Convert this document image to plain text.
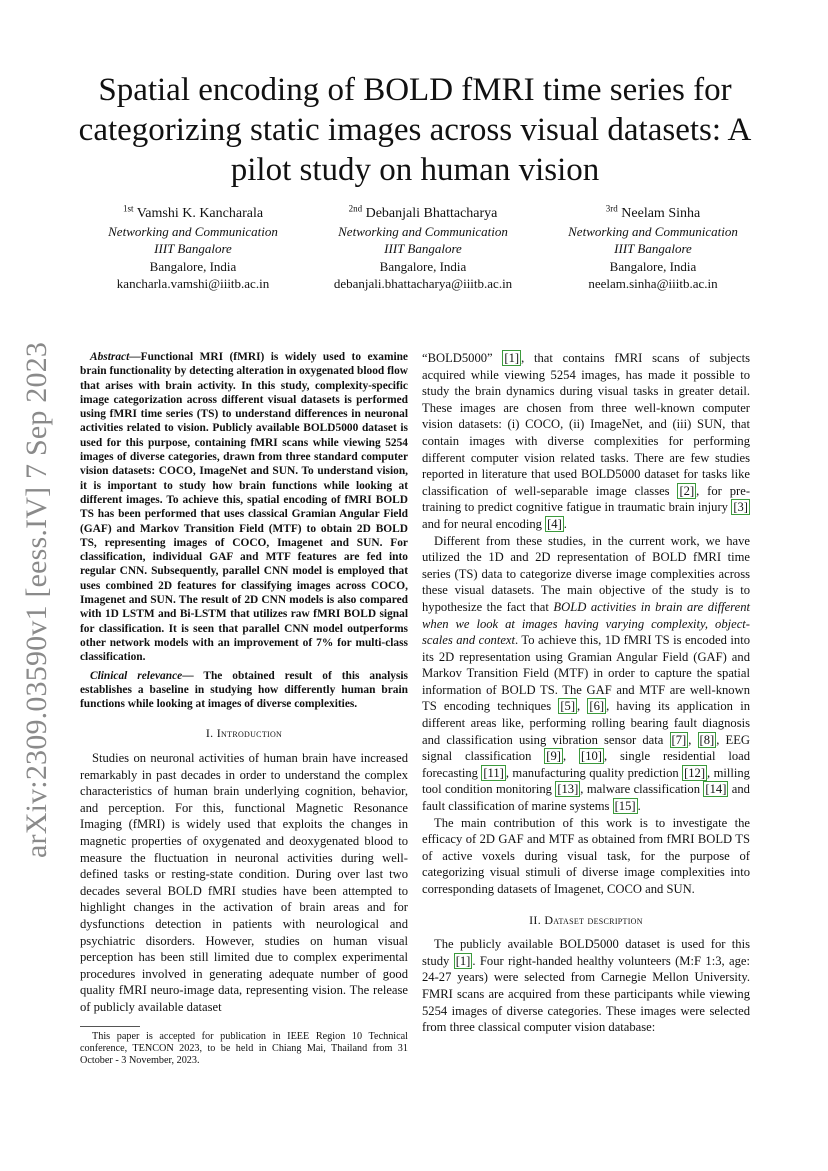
arXiv:2309.03590v1 [eess.IV] 7 Sep 2023
Spatial encoding of BOLD fMRI time series for categorizing static images across visual datasets: A pilot study on human vision
$^{1st}$ Vamshi K. Kancharala
Networking and Communication
IIIT Bangalore
Bangalore, India
kancharla.vamshi@iiitb.ac.in
$^{2nd}$ Debanjali Bhattacharya
Networking and Communication
IIIT Bangalore
Bangalore, India
debanjali.bhattacharya@iiitb.ac.in
$^{3rd}$ Neelam Sinha
Networking and Communication
IIIT Bangalore
Bangalore, India
neelam.sinha@iiitb.ac.in

Abstract—Functional MRI (fMRI) is widely used to examine brain functionality by detecting alteration in oxygenated blood flow that arises with brain activity. In this study, complexity-specific image categorization across different visual datasets is performed using fMRI time series (TS) to understand differences in neuronal activities related to vision. Publicly available BOLD5000 dataset is used for this purpose, containing fMRI scans while viewing 5254 images of diverse categories, drawn from three standard computer vision datasets: COCO, ImageNet and SUN. To understand vision, it is important to study how brain functions while looking at different images. To achieve this, spatial encoding of fMRI BOLD TS has been performed that uses classical Gramian Angular Field (GAF) and Markov Transition Field (MTF) to obtain 2D BOLD TS, representing images of COCO, Imagenet and SUN. For classification, individual GAF and MTF features are fed into regular CNN. Subsequently, parallel CNN model is employed that uses combined 2D features for classifying images across COCO, Imagenet and SUN. The result of 2D CNN models is also compared with 1D LSTM and Bi-LSTM that utilizes raw fMRI BOLD signal for classification. It is seen that parallel CNN model outperforms other network models with an improvement of 7% for multi-class classification.

Clinical relevance— The obtained result of this analysis establishes a baseline in studying how differently human brain functions while looking at images of diverse complexities.

I. Introduction

Studies on neuronal activities of human brain have increased remarkably in past decades in order to understand the complex characteristics of human brain underlying cognition, behavior, and perception. For this, functional Magnetic Resonance Imaging (fMRI) is widely used that exploits the changes in magnetic properties of oxygenated and deoxygenated blood to measure the fluctuation in neuronal activities during well-defined tasks or resting-state condition. During over last two decades several BOLD fMRI studies have been attempted to highlight changes in the activation of brain areas and for dysfunctions detection in patients with neurological and psychiatric disorders. However, studies on human visual perception has been still limited due to complex experimental procedures involved in generating adequate number of good quality fMRI neuro-image data, representing vision. The release of publicly available dataset

This paper is accepted for publication in IEEE Region 10 Technical conference, TENCON 2023, to be held in Chiang Mai, Thailand from 31 October - 3 November, 2023.

“BOLD5000” [1] , that contains fMRI scans of subjects acquired while viewing 5254 images, has made it possible to study the brain dynamics during visual tasks in greater detail. These images are chosen from three well-known computer vision datasets: (i) COCO, (ii) ImageNet, and (iii) SUN, that contain images with diverse complexities for performing different computer vision related tasks. There are few studies reported in literature that used BOLD5000 dataset for tasks like classification of well-separable image classes [2] , for pre-training to predict cognitive fatigue in traumatic brain injury [3] and for neural encoding [4] .

Different from these studies, in the current work, we have utilized the 1D and 2D representation of BOLD fMRI time series (TS) data to categorize diverse image complexities across these visual datasets. The main objective of the study is to hypothesize the fact that BOLD activities in brain are different when we look at images having varying complexity, object-scales and context. To achieve this, 1D fMRI TS is encoded into its 2D representation using Gramian Angular Field (GAF) and Markov Transition Field (MTF) in order to capture the spatial information of BOLD TS. The GAF and MTF are well-known TS encoding techniques [5] , [6] , having its application in different areas like, performing rolling bearing fault diagnosis and classification using vibration sensor data [7] , [8] , EEG signal classification [9] , [10] , single residential load forecasting [11] , manufacturing quality prediction [12] , milling tool condition monitoring [13] , malware classification [14] and fault classification of marine systems [15] .

The main contribution of this work is to investigate the efficacy of 2D GAF and MTF as obtained from fMRI BOLD TS of active voxels during visual task, for the purpose of categorizing visual stimuli of diverse image complexities into corresponding datasets of Imagenet, COCO and SUN.

II. Dataset description

The publicly available BOLD5000 dataset is used for this study [1] . Four right-handed healthy volunteers (M:F 1:3, age: 24-27 years) were selected from Carnegie Mellon University. FMRI scans are acquired from these participants while viewing 5254 images of diverse categories. These images were selected from three classical computer vision database:
